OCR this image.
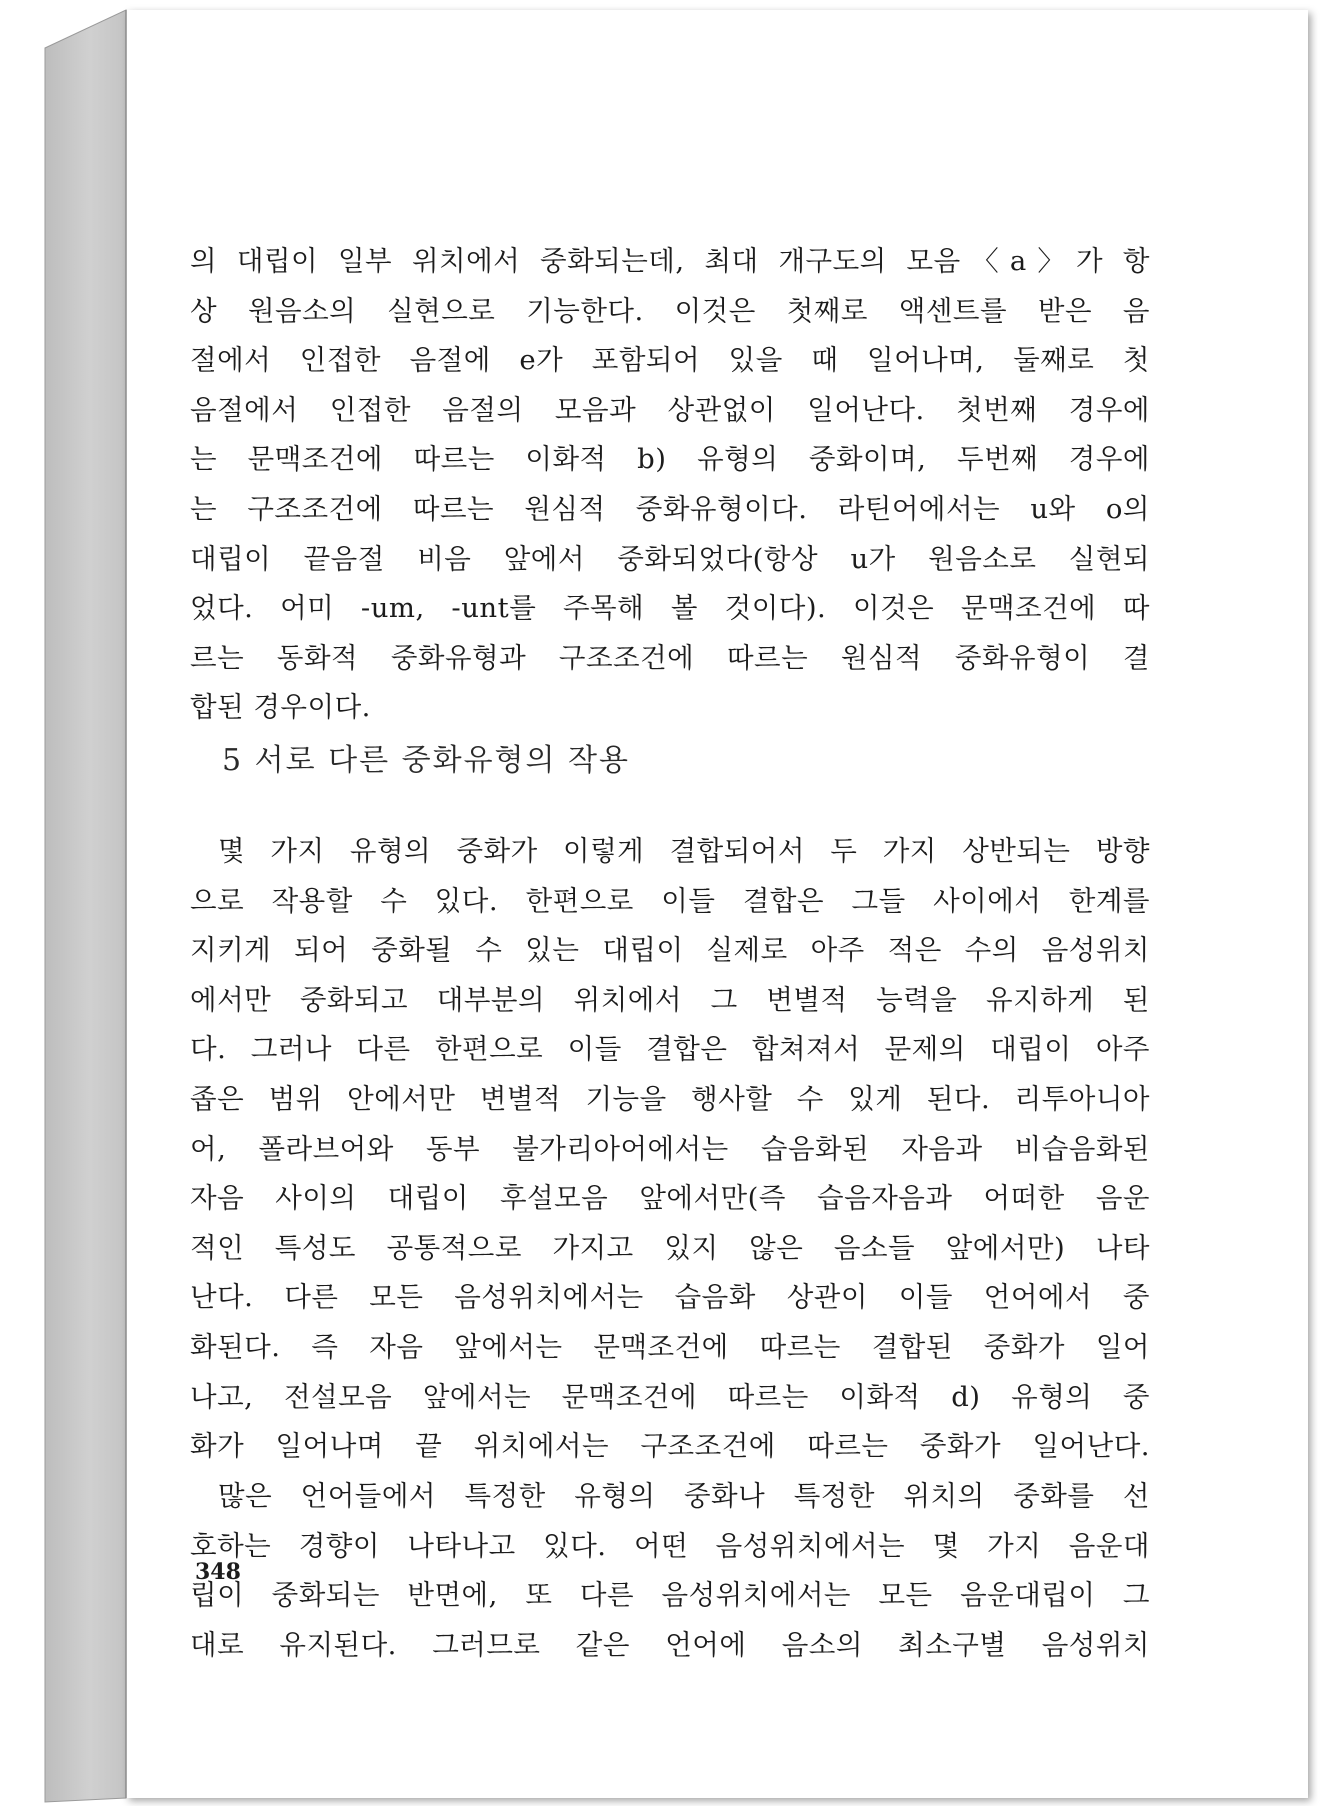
의 대립이 일부 위치에서 중화되는데, 최대 개구도의 모음〈a〉가 항
상 원음소의 실현으로 기능한다. 이것은 첫째로 액센트를 받은 음
절에서 인접한 음절에 e가 포함되어 있을 때 일어나며, 둘째로 첫
음절에서 인접한 음절의 모음과 상관없이 일어난다. 첫번째 경우에
는 문맥조건에 따르는 이화적 b) 유형의 중화이며, 두번째 경우에
는 구조조건에 따르는 원심적 중화유형이다. 라틴어에서는 u와 o의
대립이 끝음절 비음 앞에서 중화되었다(항상 u가 원음소로 실현되
었다. 어미 -um, -unt를 주목해 볼 것이다). 이것은 문맥조건에 따
르는 동화적 중화유형과 구조조건에 따르는 원심적 중화유형이 결
합된 경우이다.
5 서로 다른 중화유형의 작용
몇 가지 유형의 중화가 이렇게 결합되어서 두 가지 상반되는 방향
으로 작용할 수 있다. 한편으로 이들 결합은 그들 사이에서 한계를
지키게 되어 중화될 수 있는 대립이 실제로 아주 적은 수의 음성위치
에서만 중화되고 대부분의 위치에서 그 변별적 능력을 유지하게 된
다. 그러나 다른 한편으로 이들 결합은 합쳐져서 문제의 대립이 아주
좁은 범위 안에서만 변별적 기능을 행사할 수 있게 된다. 리투아니아
어, 폴라브어와 동부 불가리아어에서는 습음화된 자음과 비습음화된
자음 사이의 대립이 후설모음 앞에서만(즉 습음자음과 어떠한 음운
적인 특성도 공통적으로 가지고 있지 않은 음소들 앞에서만) 나타
난다. 다른 모든 음성위치에서는 습음화 상관이 이들 언어에서 중
화된다. 즉 자음 앞에서는 문맥조건에 따르는 결합된 중화가 일어
나고, 전설모음 앞에서는 문맥조건에 따르는 이화적 d) 유형의 중
화가 일어나며 끝 위치에서는 구조조건에 따르는 중화가 일어난다.
많은 언어들에서 특정한 유형의 중화나 특정한 위치의 중화를 선
호하는 경향이 나타나고 있다. 어떤 음성위치에서는 몇 가지 음운대
립이 중화되는 반면에, 또 다른 음성위치에서는 모든 음운대립이 그
대로 유지된다. 그러므로 같은 언어에 음소의 최소구별 음성위치
348
